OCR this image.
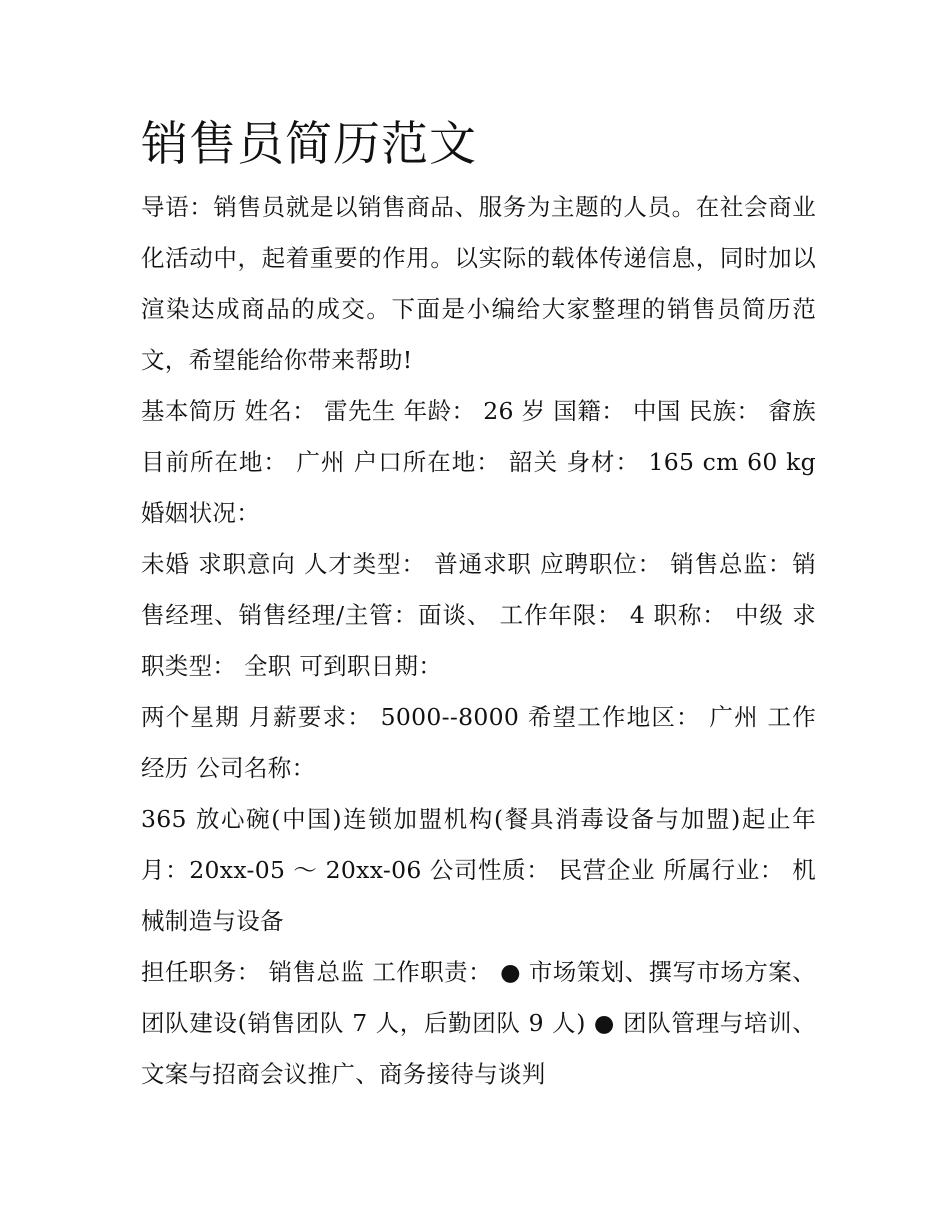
销售员简历范文

导语：销售员就是以销售商品、服务为主题的人员。在社会商业化活动中，起着重要的作用。以实际的载体传递信息，同时加以渲染达成商品的成交。下面是小编给大家整理的销售员简历范文，希望能给你带来帮助!

基本简历 姓名： 雷先生 年龄： 26 岁 国籍： 中国 民族： 畲族 目前所在地： 广州 户口所在地： 韶关 身材： 165 cm 60 kg 婚姻状况：

未婚 求职意向 人才类型： 普通求职 应聘职位： 销售总监：销售经理、销售经理/主管：面谈、 工作年限： 4 职称： 中级 求职类型： 全职 可到职日期：

两个星期 月薪要求： 5000--8000 希望工作地区： 广州 工作经历 公司名称：

365 放心碗(中国)连锁加盟机构(餐具消毒设备与加盟)起止年月：20xx-05 ～ 20xx-06 公司性质： 民营企业 所属行业： 机械制造与设备

担任职务： 销售总监 工作职责： ● 市场策划、撰写市场方案、团队建设(销售团队 7 人，后勤团队 9 人) ● 团队管理与培训、文案与招商会议推广、商务接待与谈判
